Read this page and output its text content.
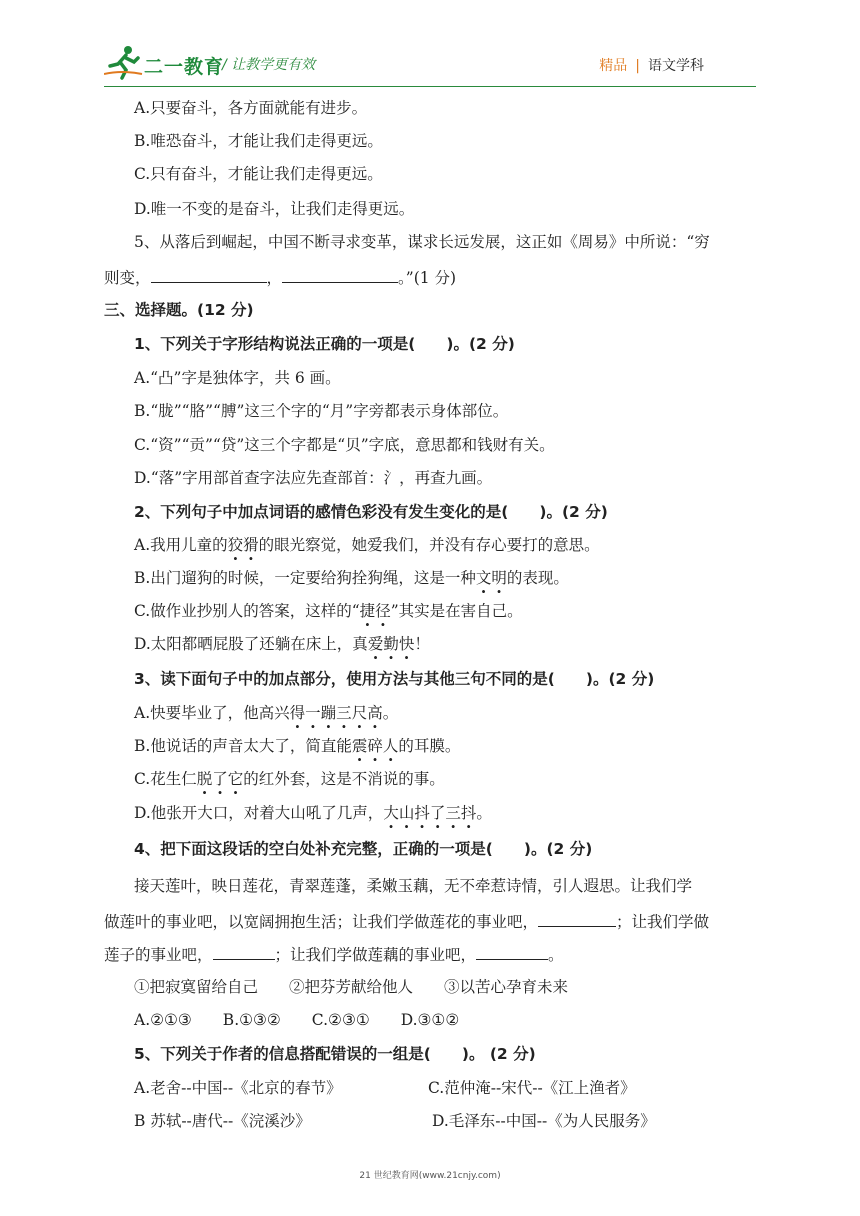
二一教育
/ 让教学更有效	精品 | 语文学科
A.只要奋斗，各方面就能有进步。
B.唯恐奋斗，才能让我们走得更远。
C.只有奋斗，才能让我们走得更远。
D.唯一不变的是奋斗，让我们走得更远。
5、从落后到崛起，中国不断寻求变革，谋求长远发展，这正如《周易》中所说：“穷
则变，	，	。”(1 分)
三、选择题。(12 分)
1、下列关于字形结构说法正确的一项是(　　)。(2 分)
A.“凸”字是独体字，共 6 画。
B.“胧”“胳”“膊”这三个字的“月”字旁都表示身体部位。
C.“资”“贡”“贷”这三个字都是“贝”字底，意思都和钱财有关。
D.“落”字用部首查字法应先查部首：氵，再查九画。
2、下列句子中加点词语的感情色彩没有发生变化的是(　　)。(2 分)
A.我用儿童的狡猾的眼光察觉，她爱我们，并没有存心要打的意思。
B.出门遛狗的时候，一定要给狗拴狗绳，这是一种文明的表现。
C.做作业抄别人的答案，这样的“捷径”其实是在害自己。
D.太阳都晒屁股了还躺在床上，真爱勤快！
3、读下面句子中的加点部分，使用方法与其他三句不同的是(　　)。(2 分)
A.快要毕业了，他高兴得一蹦三尺高。
B.他说话的声音太大了，简直能震碎人的耳膜。
C.花生仁脱了它的红外套，这是不消说的事。
D.他张开大口，对着大山吼了几声，大山抖了三抖。
4、把下面这段话的空白处补充完整，正确的一项是(　　)。(2 分)
接天莲叶，映日莲花，青翠莲蓬，柔嫩玉藕，无不牵惹诗情，引人遐思。让我们学
做莲叶的事业吧，以宽阔拥抱生活；让我们学做莲花的事业吧，	；让我们学做
莲子的事业吧，	；让我们学做莲藕的事业吧，	。
①把寂寞留给自己　　②把芬芳献给他人　　③以苦心孕育未来
A.②①③　　B.①③②　　C.②③①　　D.③①②
5、下列关于作者的信息搭配错误的一组是(　　)。 (2 分)
A.老舍--中国--《北京的春节》	C.范仲淹--宋代--《江上渔者》
B 苏轼--唐代--《浣溪沙》	D.毛泽东--中国--《为人民服务》
21 世纪教育网(www.21cnjy.com)
